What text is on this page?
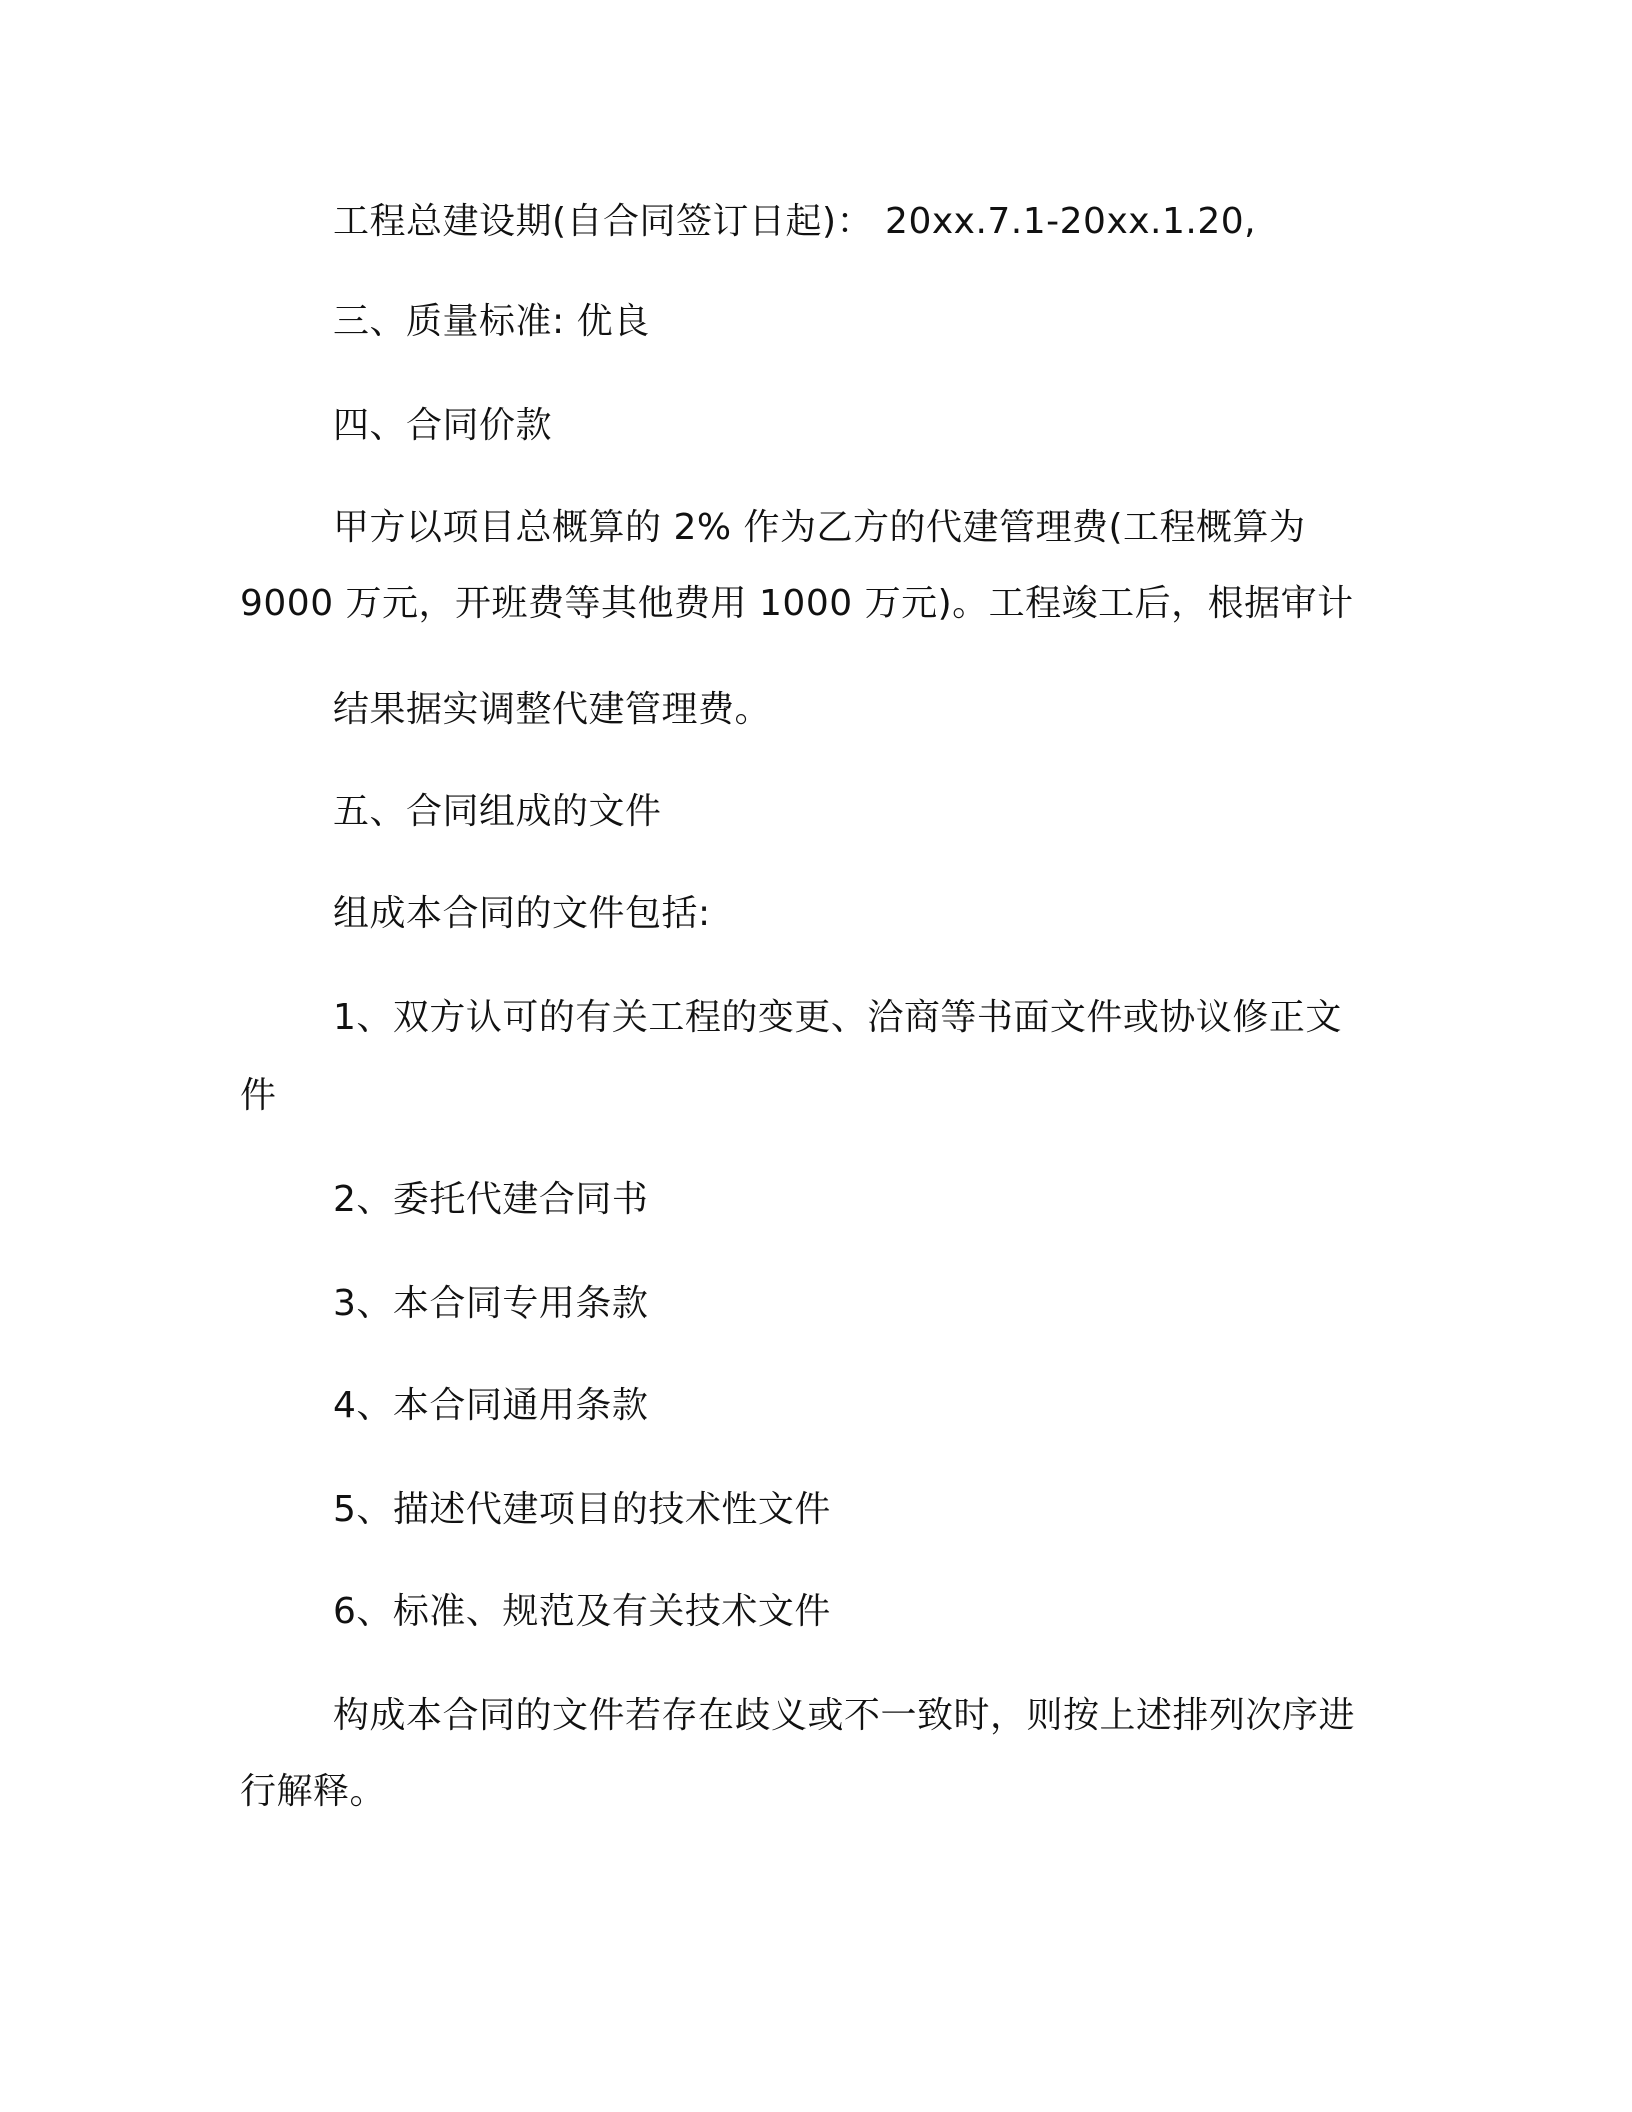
工程总建设期(自合同签订日起)： 20xx.7.1-20xx.1.20,
三、质量标准: 优良
四、合同价款
甲方以项目总概算的 2% 作为乙方的代建管理费(工程概算为
9000 万元，开班费等其他费用 1000 万元)。工程竣工后，根据审计
结果据实调整代建管理费。
五、合同组成的文件
组成本合同的文件包括:
1、双方认可的有关工程的变更、洽商等书面文件或协议修正文
件
2、委托代建合同书
3、本合同专用条款
4、本合同通用条款
5、描述代建项目的技术性文件
6、标准、规范及有关技术文件
构成本合同的文件若存在歧义或不一致时，则按上述排列次序进
行解释。
